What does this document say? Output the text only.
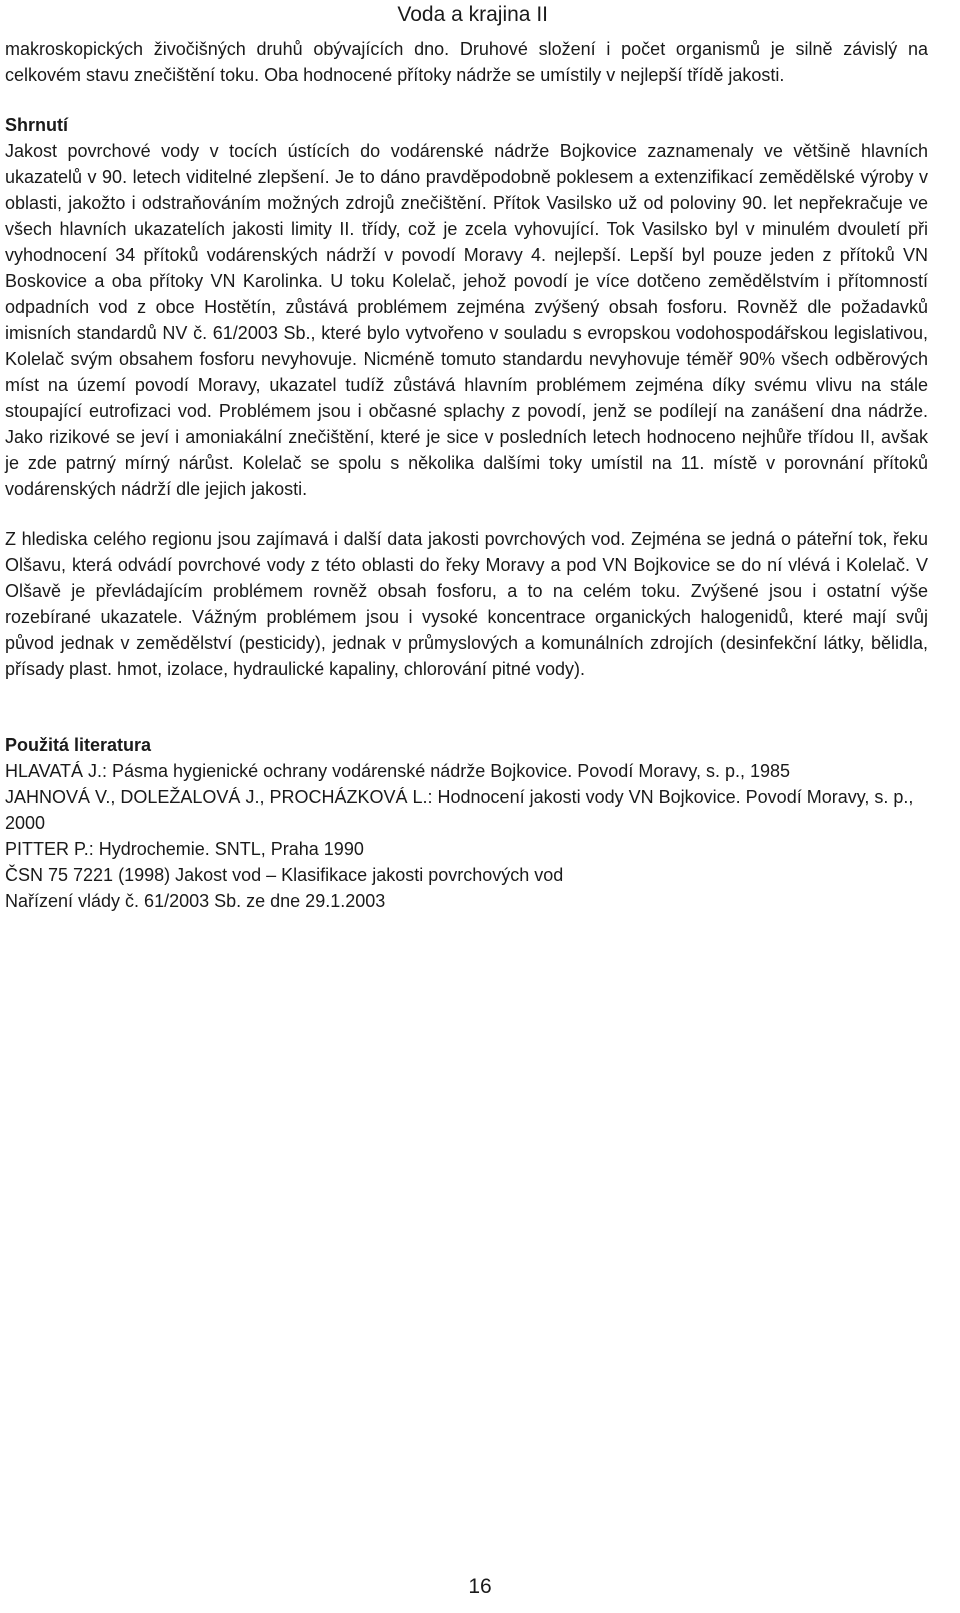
Voda a krajina II

makroskopických živočišných druhů obývajících dno. Druhové složení i počet organismů je silně závislý na celkovém stavu znečištění toku. Oba hodnocené přítoky nádrže se umístily v nejlepší třídě jakosti.

Shrnutí

Jakost povrchové vody v tocích ústících do vodárenské nádrže Bojkovice zaznamenaly ve většině hlavních ukazatelů v 90. letech viditelné zlepšení. Je to dáno pravděpodobně poklesem a extenzifikací zemědělské výroby v oblasti, jakožto i odstraňováním možných zdrojů znečištění. Přítok Vasilsko už od poloviny 90. let nepřekračuje ve všech hlavních ukazatelích jakosti limity II. třídy, což je zcela vyhovující. Tok Vasilsko byl v minulém dvouletí při vyhodnocení 34 přítoků vodárenských nádrží v povodí Moravy 4. nejlepší. Lepší byl pouze jeden z přítoků VN Boskovice a oba přítoky VN Karolinka. U toku Kolelač, jehož povodí je více dotčeno zemědělstvím i přítomností odpadních vod z obce Hostětín, zůstává problémem zejména zvýšený obsah fosforu. Rovněž dle požadavků imisních standardů NV č. 61/2003 Sb., které bylo vytvořeno v souladu s evropskou vodohospodářskou legislativou, Kolelač svým obsahem fosforu nevyhovuje. Nicméně tomuto standardu nevyhovuje téměř 90% všech odběrových míst na území povodí Moravy, ukazatel tudíž zůstává hlavním problémem zejména díky svému vlivu na stále stoupající eutrofizaci vod. Problémem jsou i občasné splachy z povodí, jenž se podílejí na zanášení dna nádrže. Jako rizikové se jeví i amoniakální znečištění, které je sice v posledních letech hodnoceno nejhůře třídou II, avšak je zde patrný mírný nárůst. Kolelač se spolu s několika dalšími toky umístil na 11. místě v porovnání přítoků vodárenských nádrží dle jejich jakosti.

Z hlediska celého regionu jsou zajímavá i další data jakosti povrchových vod. Zejména se jedná o páteřní tok, řeku Olšavu, která odvádí povrchové vody z této oblasti do řeky Moravy a pod VN Bojkovice se do ní vlévá i Kolelač. V Olšavě je převládajícím problémem rovněž obsah fosforu, a to na celém toku. Zvýšené jsou i ostatní výše rozebírané ukazatele. Vážným problémem jsou i vysoké koncentrace organických halogenidů, které mají svůj původ jednak v zemědělství (pesticidy), jednak v průmyslových a komunálních zdrojích (desinfekční látky, bělidla, přísady plast. hmot, izolace, hydraulické kapaliny, chlorování pitné vody).

Použitá literatura

HLAVATÁ J.: Pásma hygienické ochrany vodárenské nádrže Bojkovice. Povodí Moravy, s. p., 1985
JAHNOVÁ V., DOLEŽALOVÁ J., PROCHÁZKOVÁ L.: Hodnocení jakosti vody VN Bojkovice. Povodí Moravy, s. p., 2000
PITTER P.: Hydrochemie. SNTL, Praha 1990
ČSN 75 7221 (1998) Jakost vod – Klasifikace jakosti povrchových vod
Nařízení vlády č. 61/2003 Sb. ze dne 29.1.2003
16
